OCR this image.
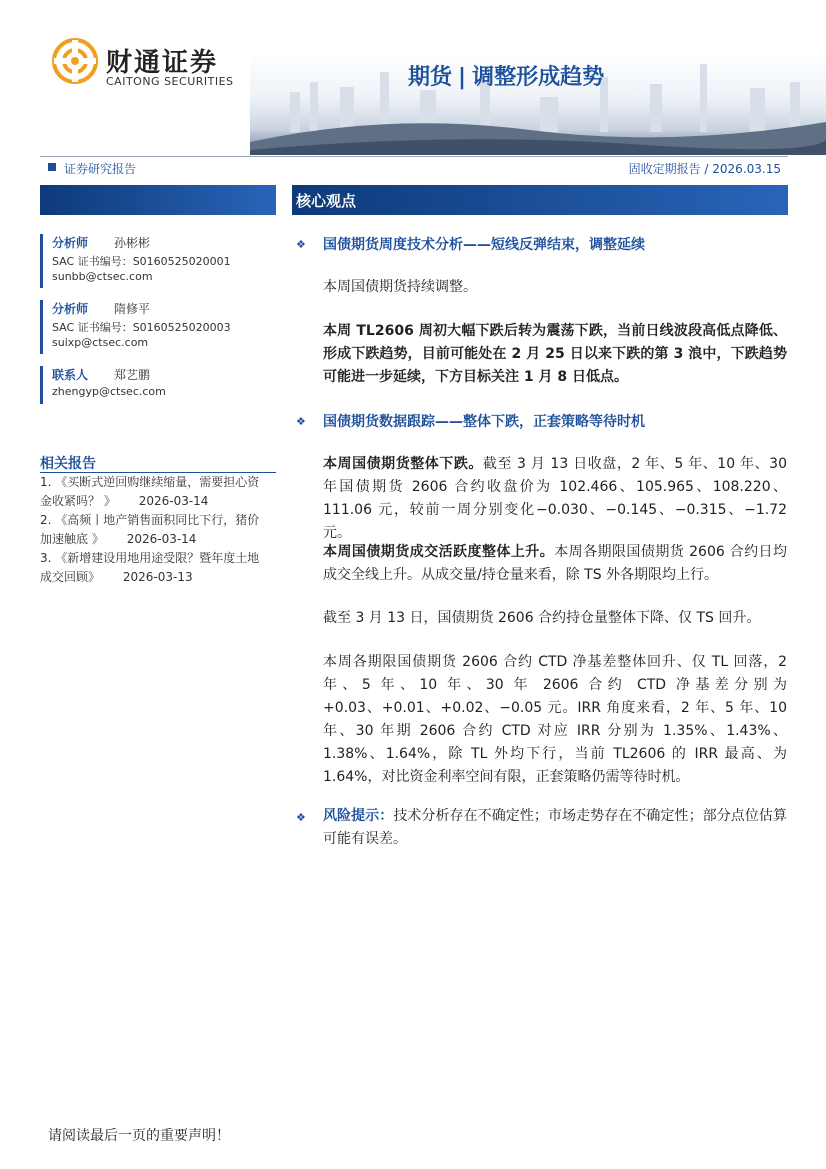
财通证券
CAITONG SECURITIES	期货 | 调整形成趋势
证券研究报告	固收定期报告 / 2026.03.15
核心观点
分析师 孙彬彬
SAC 证书编号：S0160525020001
sunbb@ctsec.com
分析师 隋修平
SAC 证书编号：S0160525020003
suixp@ctsec.com
联系人 郑艺鹏
zhengyp@ctsec.com
相关报告
1. 《买断式逆回购继续缩量，需要担心资
金收紧吗？ 》      2026-03-14
2. 《高频丨地产销售面积同比下行，猪价
加速触底 》      2026-03-14
3. 《新增建设用地用途受限？暨年度土地
成交回顾》      2026-03-13
❖ 国债期货周度技术分析——短线反弹结束，调整延续
本周国债期货持续调整。
本周 TL2606 周初大幅下跌后转为震荡下跌，当前日线波段高低点降低、形成下跌趋势，目前可能处在 2 月 25 日以来下跌的第 3 浪中，下跌趋势可能进一步延续，下方目标关注 1 月 8 日低点。
❖ 国债期货数据跟踪——整体下跌，正套策略等待时机
本周国债期货整体下跌。截至 3 月 13 日收盘，2 年、5 年、10 年、30 年国债期货 2606 合约收盘价为 102.466、105.965、108.220、111.06 元，较前一周分别变化−0.030、−0.145、−0.315、−1.72 元。
本周国债期货成交活跃度整体上升。本周各期限国债期货 2606 合约日均成交全线上升。从成交量/持仓量来看，除 TS 外各期限均上行。
截至 3 月 13 日，国债期货 2606 合约持仓量整体下降、仅 TS 回升。
本周各期限国债期货 2606 合约 CTD 净基差整体回升、仅 TL 回落，2 年、5 年、10 年、30 年 2606 合约 CTD 净基差分别为+0.03、+0.01、+0.02、−0.05 元。IRR 角度来看，2 年、5 年、10 年、30 年期 2606 合约 CTD 对应 IRR 分别为 1.35%、1.43%、1.38%、1.64%，除 TL 外均下行，当前 TL2606 的 IRR 最高、为 1.64%，对比资金利率空间有限，正套策略仍需等待时机。
❖ 风险提示：技术分析存在不确定性；市场走势存在不确定性；部分点位估算可能有误差。
请阅读最后一页的重要声明！
